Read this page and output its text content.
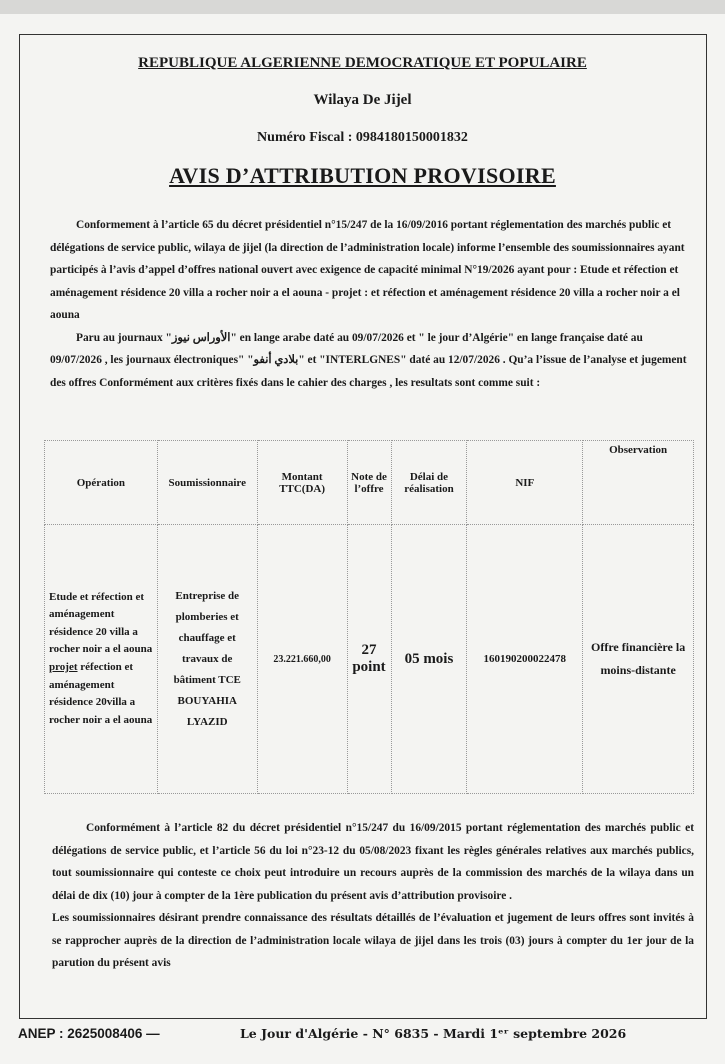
REPUBLIQUE ALGERIENNE DEMOCRATIQUE ET POPULAIRE
Wilaya De Jijel
Numéro Fiscal : 0984180150001832
AVIS D’ATTRIBUTION PROVISOIRE
Conformement à l’article 65 du décret présidentiel n°15/247 de la 16/09/2016 portant réglementation des marchés public et délégations de service public, wilaya de jijel (la direction de l’administration locale) informe l’ensemble des soumissionnaires ayant participés à l’avis d’appel d’offres national ouvert avec exigence de capacité minimal N°19/2026 ayant pour : Etude et réfection et aménagement résidence 20 villa a rocher noir a el aouna - projet : et réfection et aménagement résidence 20 villa a rocher noir a el aouna
Paru au journaux "الأوراس نيوز" en lange arabe daté au 09/07/2026 et " le jour d’Algérie" en lange française daté au 09/07/2026 , les journaux électroniques" "بلادي أنفو" et "INTERLGNES" daté au 12/07/2026 . Qu’a l’issue de l’analyse et jugement des offres Conformément aux critères fixés dans le cahier des charges , les resultats sont comme suit :
Opération	Soumissionnaire	Montant TTC(DA)	Note de l’offre	Délai de réalisation	NIF	Observation
Etude et réfection et aménagement résidence 20 villa a rocher noir a el aouna projet réfection et aménagement résidence 20villa a rocher noir a el aouna	Entreprise de plomberies et chauffage et travaux de bâtiment TCE BOUYAHIA LYAZID	23.221.660,00	27 point	05 mois	160190200022478	Offre financière la moins-distante
Conformément à l’article 82 du décret présidentiel n°15/247 du 16/09/2015 portant réglementation des marchés public et délégations de service public, et l’article 56 du loi n°23-12 du 05/08/2023 fixant les règles générales relatives aux marchés publics, tout soumissionnaire qui conteste ce choix peut introduire un recours auprès de la commission des marchés de la wilaya dans un délai de dix (10) jour à compter de la 1ère publication du présent avis d’attribution provisoire .
Les soumissionnaires désirant prendre connaissance des résultats détaillés de l’évaluation et jugement de leurs offres sont invités à se rapprocher auprès de la direction de l’administration locale wilaya de jijel dans les trois (03) jours à compter du 1er jour de la parution du présent avis
ANEP : 2625008406 —	Le Jour d'Algérie - N° 6835 - Mardi 1ᵉʳ septembre 2026
